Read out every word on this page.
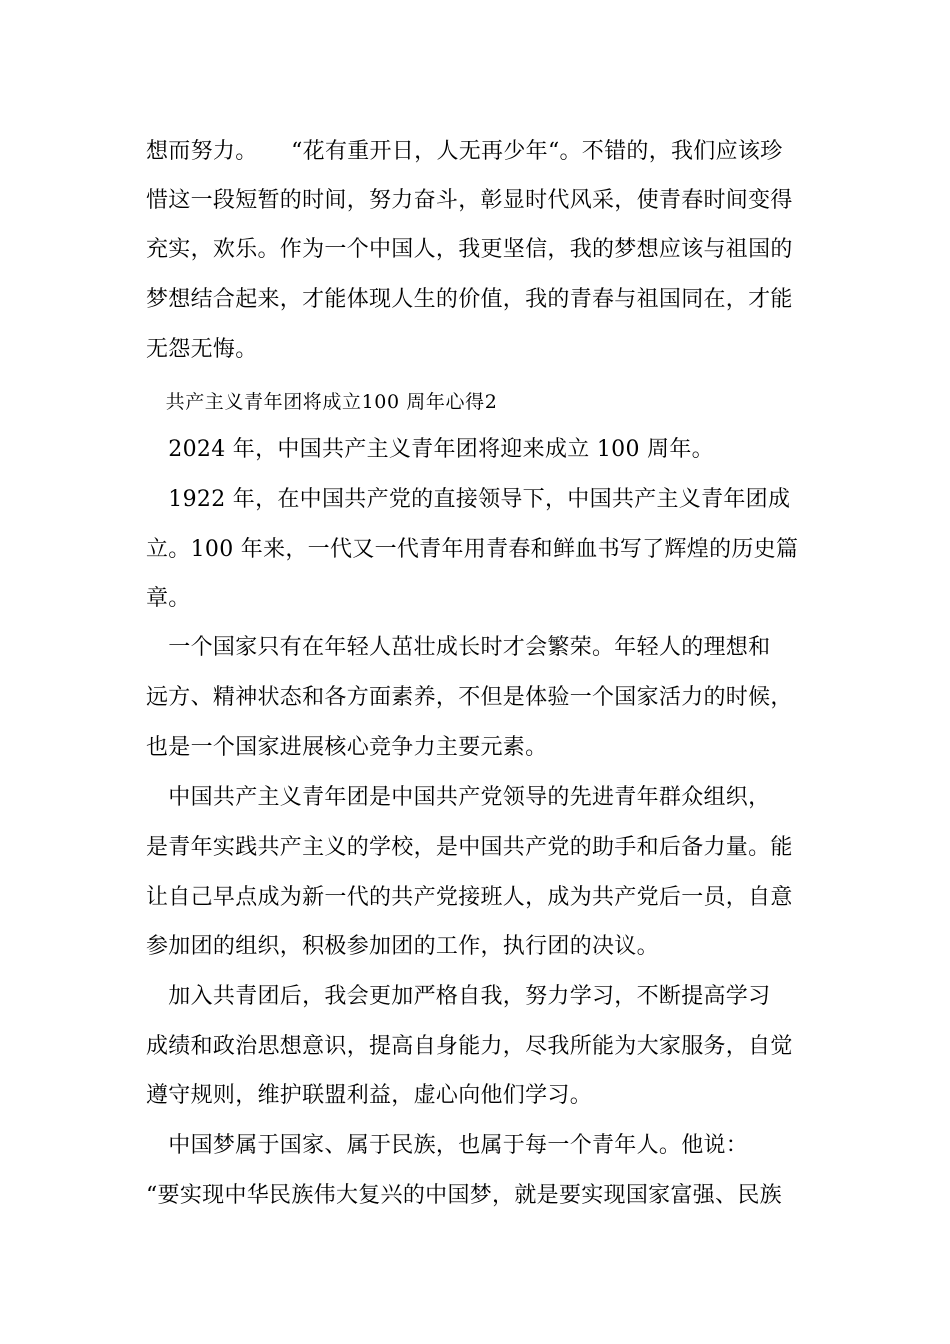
想而努力。　　“花有重开日，人无再少年“。不错的，我们应该珍
惜这一段短暂的时间，努力奋斗，彰显时代风采，使青春时间变得
充实，欢乐。作为一个中国人，我更坚信，我的梦想应该与祖国的
梦想结合起来，才能体现人生的价值，我的青春与祖国同在，才能
无怨无悔。
　共产主义青年团将成立100 周年心得2
　2024 年，中国共产主义青年团将迎来成立 100 周年。
　1922 年，在中国共产党的直接领导下，中国共产主义青年团成
立。100 年来，一代又一代青年用青春和鲜血书写了辉煌的历史篇
章。
　一个国家只有在年轻人茁壮成长时才会繁荣。年轻人的理想和
远方、精神状态和各方面素养，不但是体验一个国家活力的时候，
也是一个国家进展核心竞争力主要元素。
　中国共产主义青年团是中国共产党领导的先进青年群众组织，
是青年实践共产主义的学校，是中国共产党的助手和后备力量。能
让自己早点成为新一代的共产党接班人，成为共产党后一员，自意
参加团的组织，积极参加团的工作，执行团的决议。
　加入共青团后，我会更加严格自我，努力学习，不断提高学习
成绩和政治思想意识，提高自身能力，尽我所能为大家服务，自觉
遵守规则，维护联盟利益，虚心向他们学习。
　中国梦属于国家、属于民族，也属于每一个青年人。他说：
“要实现中华民族伟大复兴的中国梦，就是要实现国家富强、民族
